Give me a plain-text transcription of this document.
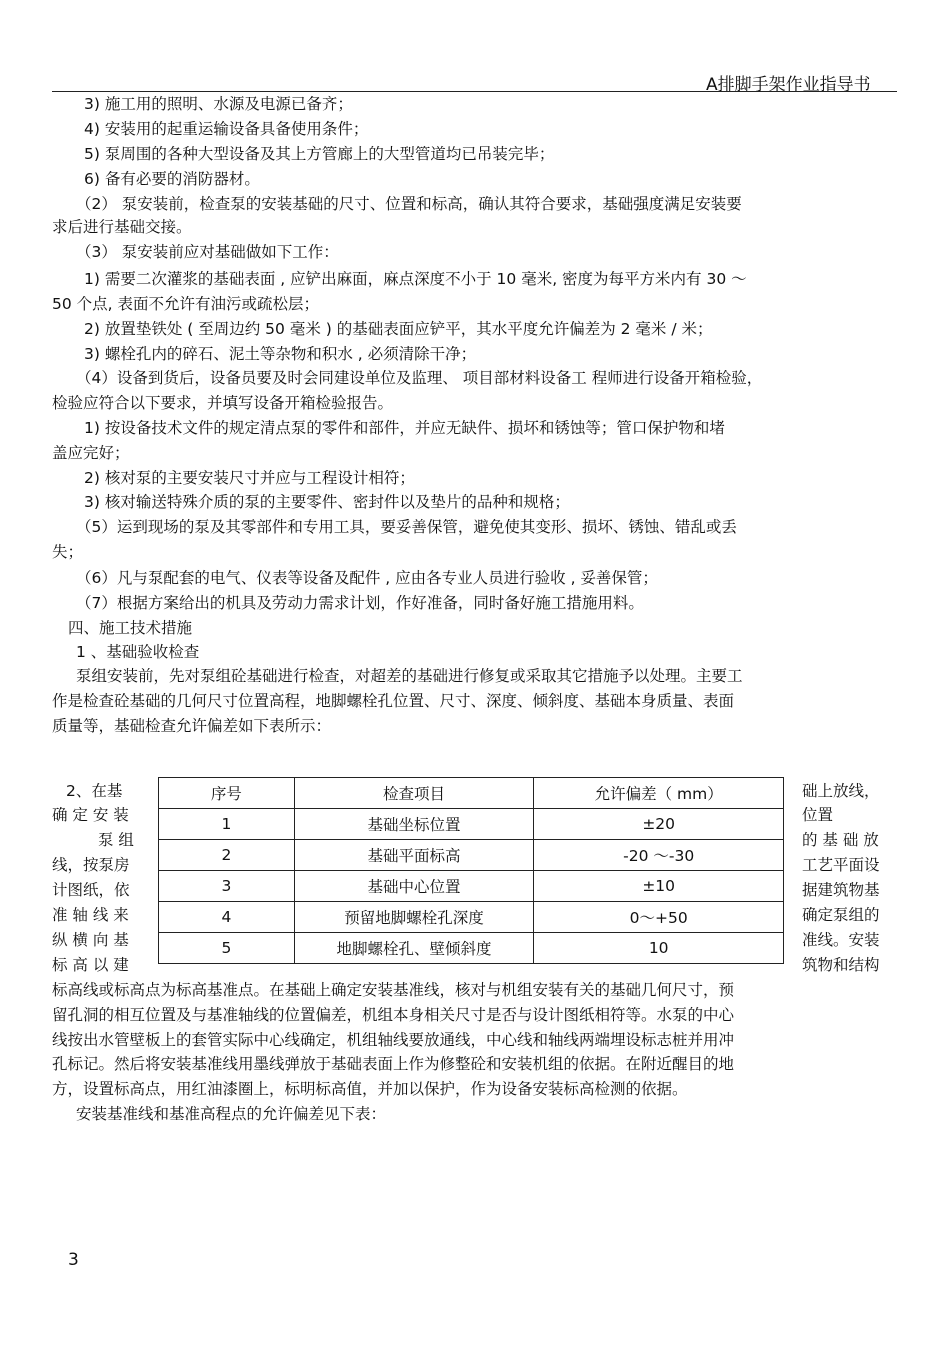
A排脚手架作业指导书
3) 施工用的照明、水源及电源已备齐；
4) 安装用的起重运输设备具备使用条件；
5) 泵周围的各种大型设备及其上方管廊上的大型管道均已吊装完毕；
6) 备有必要的消防器材。
（2） 泵安装前，检查泵的安装基础的尺寸、位置和标高，确认其符合要求，基础强度满足安装要
求后进行基础交接。
（3） 泵安装前应对基础做如下工作：
1) 需要二次灌浆的基础表面 , 应铲出麻面，麻点深度不小于 10 毫米, 密度为每平方米内有 30 ～
50 个点, 表面不允许有油污或疏松层；
2) 放置垫铁处 ( 至周边约 50 毫米 ) 的基础表面应铲平，其水平度允许偏差为 2 毫米 / 米；
3) 螺栓孔内的碎石、泥土等杂物和积水 , 必须清除干净；
（4）设备到货后，设备员要及时会同建设单位及监理、 项目部材料设备工 程师进行设备开箱检验，
检验应符合以下要求，并填写设备开箱检验报告。
1) 按设备技术文件的规定清点泵的零件和部件，并应无缺件、损坏和锈蚀等；管口保护物和堵
盖应完好；
2) 核对泵的主要安装尺寸并应与工程设计相符；
3) 核对输送特殊介质的泵的主要零件、密封件以及垫片的品种和规格；
（5）运到现场的泵及其零部件和专用工具，要妥善保管，避免使其变形、损坏、锈蚀、错乱或丢
失；
（6）凡与泵配套的电气、仪表等设备及配件 , 应由各专业人员进行验收 , 妥善保管；
（7）根据方案给出的机具及劳动力需求计划，作好准备，同时备好施工措施用料。
四、施工技术措施
1 、基础验收检查
泵组安装前，先对泵组砼基础进行检查，对超差的基础进行修复或采取其它措施予以处理。主要工
作是检查砼基础的几何尺寸位置高程，地脚螺栓孔位置、尺寸、深度、倾斜度、基础本身质量、表面
质量等，基础检查允许偏差如下表所示：
2、在基
确 定 安 装
泵 组
线，按泵房
计图纸，依
准 轴 线 来
纵 横 向 基
标 高 以 建
础上放线，
位置
的 基 础 放
工艺平面设
据建筑物基
确定泵组的
准线。安装
筑物和结构
序号	检查项目	允许偏差（ mm）
1	基础坐标位置	±20
2	基础平面标高	-20 ～-30
3	基础中心位置	±10
4	预留地脚螺栓孔深度	0～+50
5	地脚螺栓孔、壁倾斜度	10
标高线或标高点为标高基准点。在基础上确定安装基准线，核对与机组安装有关的基础几何尺寸，预
留孔洞的相互位置及与基准轴线的位置偏差，机组本身相关尺寸是否与设计图纸相符等。水泵的中心
线按出水管壁板上的套管实际中心线确定，机组轴线要放通线，中心线和轴线两端埋设标志桩并用冲
孔标记。然后将安装基准线用墨线弹放于基础表面上作为修整砼和安装机组的依据。在附近醒目的地
方，设置标高点，用红油漆圈上，标明标高值，并加以保护，作为设备安装标高检测的依据。
安装基准线和基准高程点的允许偏差见下表：
3
